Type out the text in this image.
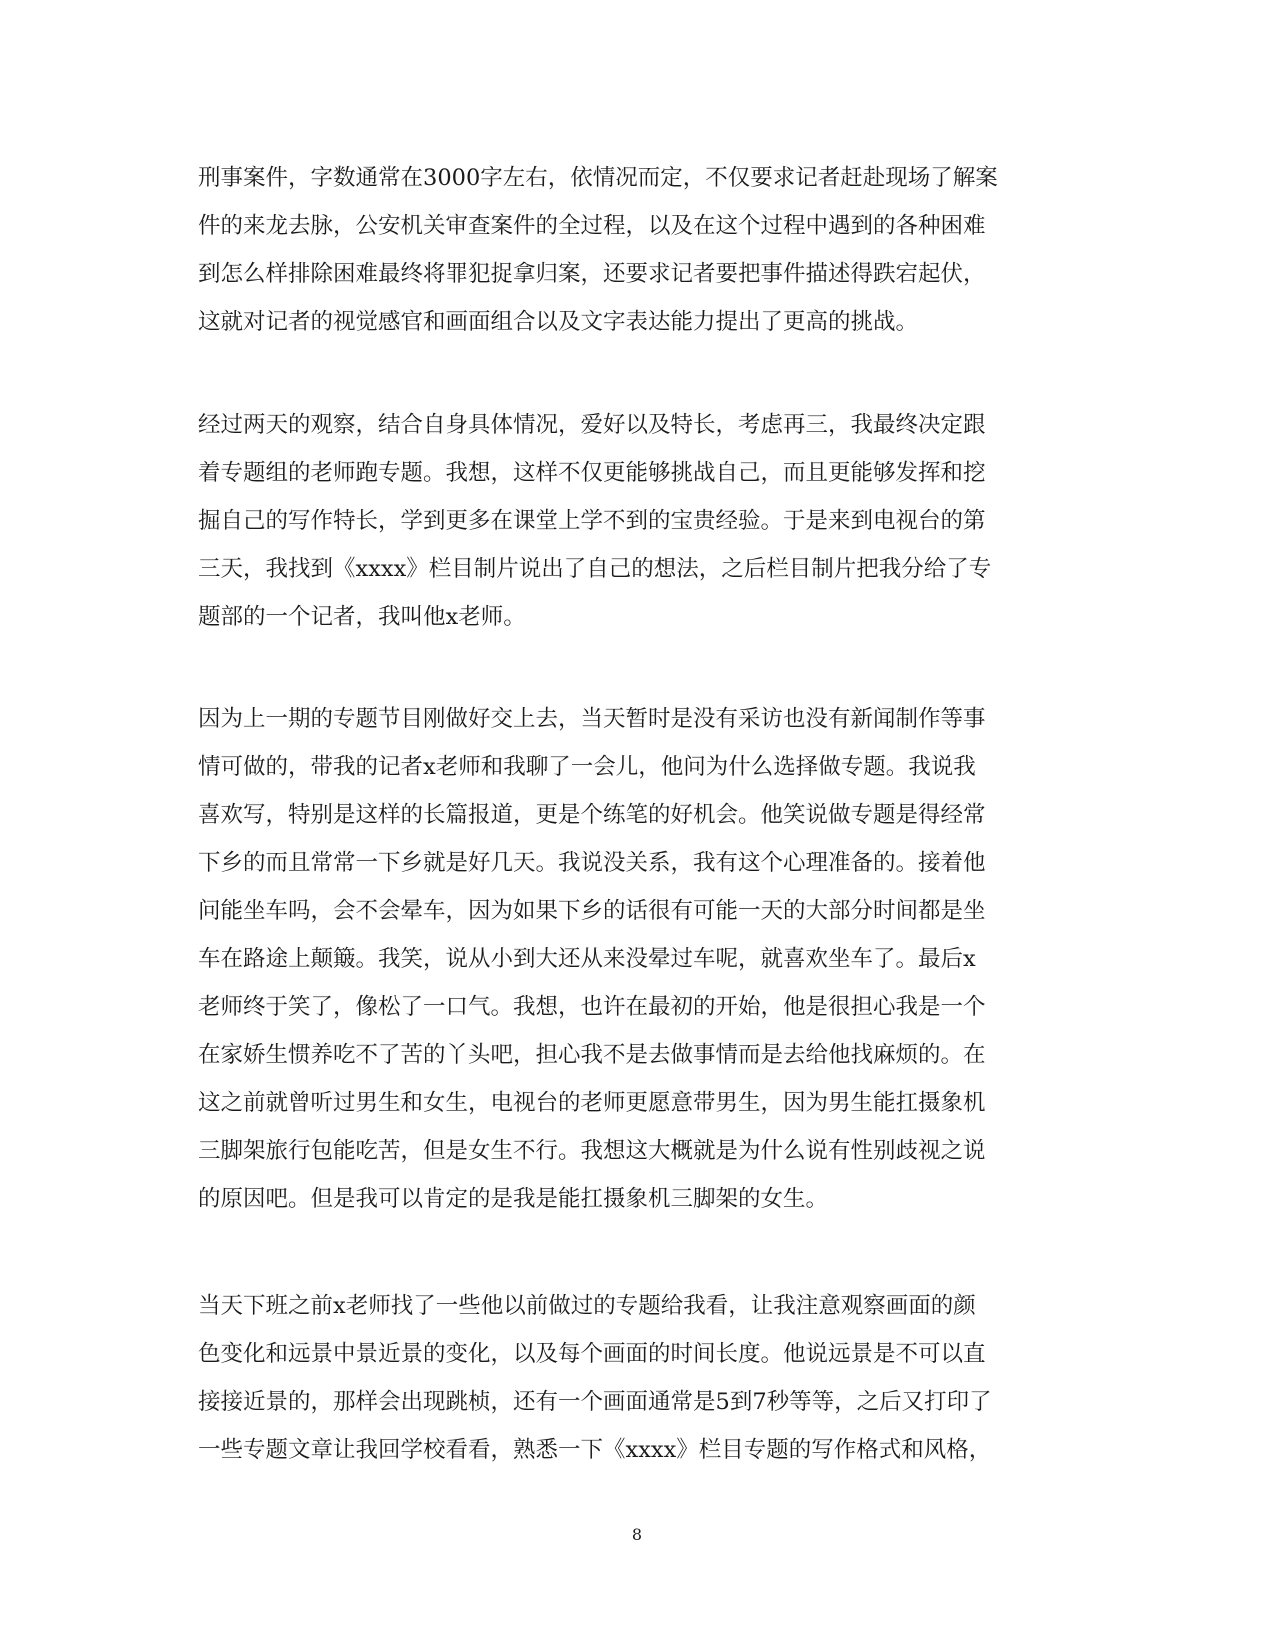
刑事案件，字数通常在3000字左右，依情况而定，不仅要求记者赶赴现场了解案
件的来龙去脉，公安机关审查案件的全过程，以及在这个过程中遇到的各种困难
到怎么样排除困难最终将罪犯捉拿归案，还要求记者要把事件描述得跌宕起伏，
这就对记者的视觉感官和画面组合以及文字表达能力提出了更高的挑战。
经过两天的观察，结合自身具体情况，爱好以及特长，考虑再三，我最终决定跟
着专题组的老师跑专题。我想，这样不仅更能够挑战自己，而且更能够发挥和挖
掘自己的写作特长，学到更多在课堂上学不到的宝贵经验。于是来到电视台的第
三天，我找到《xxxx》栏目制片说出了自己的想法，之后栏目制片把我分给了专
题部的一个记者，我叫他x老师。
因为上一期的专题节目刚做好交上去，当天暂时是没有采访也没有新闻制作等事
情可做的，带我的记者x老师和我聊了一会儿，他问为什么选择做专题。我说我
喜欢写，特别是这样的长篇报道，更是个练笔的好机会。他笑说做专题是得经常
下乡的而且常常一下乡就是好几天。我说没关系，我有这个心理准备的。接着他
问能坐车吗，会不会晕车，因为如果下乡的话很有可能一天的大部分时间都是坐
车在路途上颠簸。我笑，说从小到大还从来没晕过车呢，就喜欢坐车了。最后x
老师终于笑了，像松了一口气。我想，也许在最初的开始，他是很担心我是一个
在家娇生惯养吃不了苦的丫头吧，担心我不是去做事情而是去给他找麻烦的。在
这之前就曾听过男生和女生，电视台的老师更愿意带男生，因为男生能扛摄象机
三脚架旅行包能吃苦，但是女生不行。我想这大概就是为什么说有性别歧视之说
的原因吧。但是我可以肯定的是我是能扛摄象机三脚架的女生。
当天下班之前x老师找了一些他以前做过的专题给我看，让我注意观察画面的颜
色变化和远景中景近景的变化，以及每个画面的时间长度。他说远景是不可以直
接接近景的，那样会出现跳桢，还有一个画面通常是5到7秒等等，之后又打印了
一些专题文章让我回学校看看，熟悉一下《xxxx》栏目专题的写作格式和风格，
8
